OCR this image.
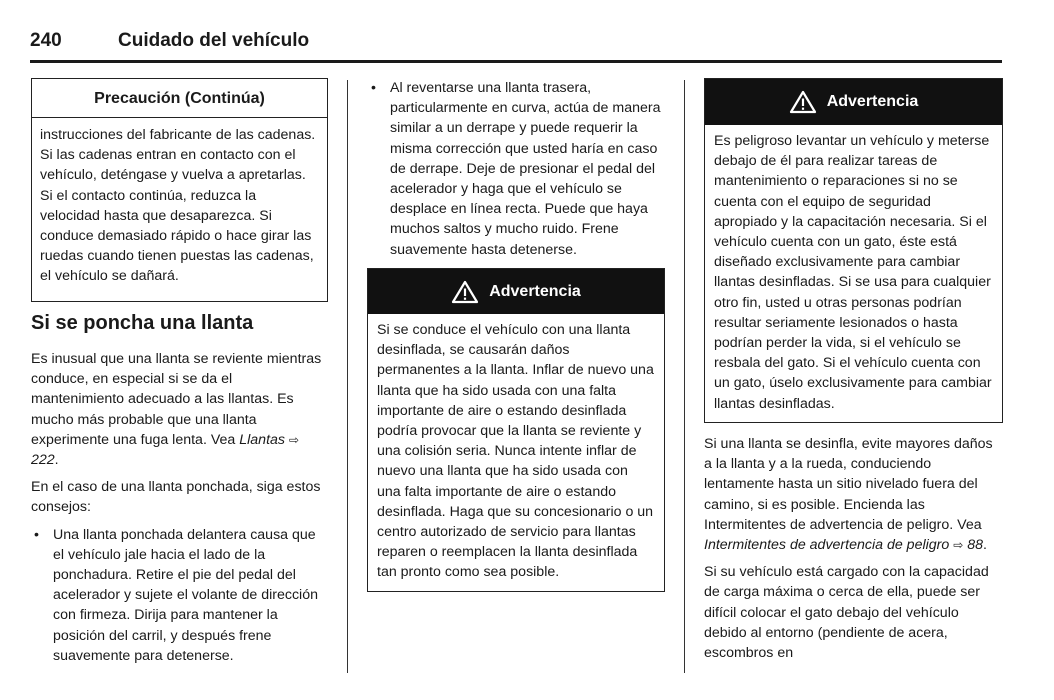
240	Cuidado del vehículo
Precaución (Continúa)
instrucciones del fabricante de las cadenas. Si las cadenas entran en contacto con el vehículo, deténgase y vuelva a apretarlas. Si el contacto continúa, reduzca la velocidad hasta que desaparezca. Si conduce demasiado rápido o hace girar las ruedas cuando tienen puestas las cadenas, el vehículo se dañará.
Si se poncha una llanta

Es inusual que una llanta se reviente mientras conduce, en especial si se da el mantenimiento adecuado a las llantas. Es mucho más probable que una llanta experimente una fuga lenta. Vea Llantas ⇨ 222.

En el caso de una llanta ponchada, siga estos consejos:

• Una llanta ponchada delantera causa que el vehículo jale hacia el lado de la ponchadura. Retire el pie del pedal del acelerador y sujete el volante de dirección con firmeza. Dirija para mantener la posición del carril, y después frene suavemente para detenerse.
• Al reventarse una llanta trasera, particularmente en curva, actúa de manera similar a un derrape y puede requerir la misma corrección que usted haría en caso de derrape. Deje de presionar el pedal del acelerador y haga que el vehículo se desplace en línea recta. Puede que haya muchos saltos y mucho ruido. Frene suavemente hasta detenerse.
Advertencia
Si se conduce el vehículo con una llanta desinflada, se causarán daños permanentes a la llanta. Inflar de nuevo una llanta que ha sido usada con una falta importante de aire o estando desinflada podría provocar que la llanta se reviente y una colisión seria. Nunca intente inflar de nuevo una llanta que ha sido usada con una falta importante de aire o estando desinflada. Haga que su concesionario o un centro autorizado de servicio para llantas reparen o reemplacen la llanta desinflada tan pronto como sea posible.
Advertencia
Es peligroso levantar un vehículo y meterse debajo de él para realizar tareas de mantenimiento o reparaciones si no se cuenta con el equipo de seguridad apropiado y la capacitación necesaria. Si el vehículo cuenta con un gato, éste está diseñado exclusivamente para cambiar llantas desinfladas. Si se usa para cualquier otro fin, usted u otras personas podrían resultar seriamente lesionados o hasta podrían perder la vida, si el vehículo se resbala del gato. Si el vehículo cuenta con un gato, úselo exclusivamente para cambiar llantas desinfladas.

Si una llanta se desinfla, evite mayores daños a la llanta y a la rueda, conduciendo lentamente hasta un sitio nivelado fuera del camino, si es posible. Encienda las Intermitentes de advertencia de peligro. Vea Intermitentes de advertencia de peligro ⇨ 88.

Si su vehículo está cargado con la capacidad de carga máxima o cerca de ella, puede ser difícil colocar el gato debajo del vehículo debido al entorno (pendiente de acera, escombros en
